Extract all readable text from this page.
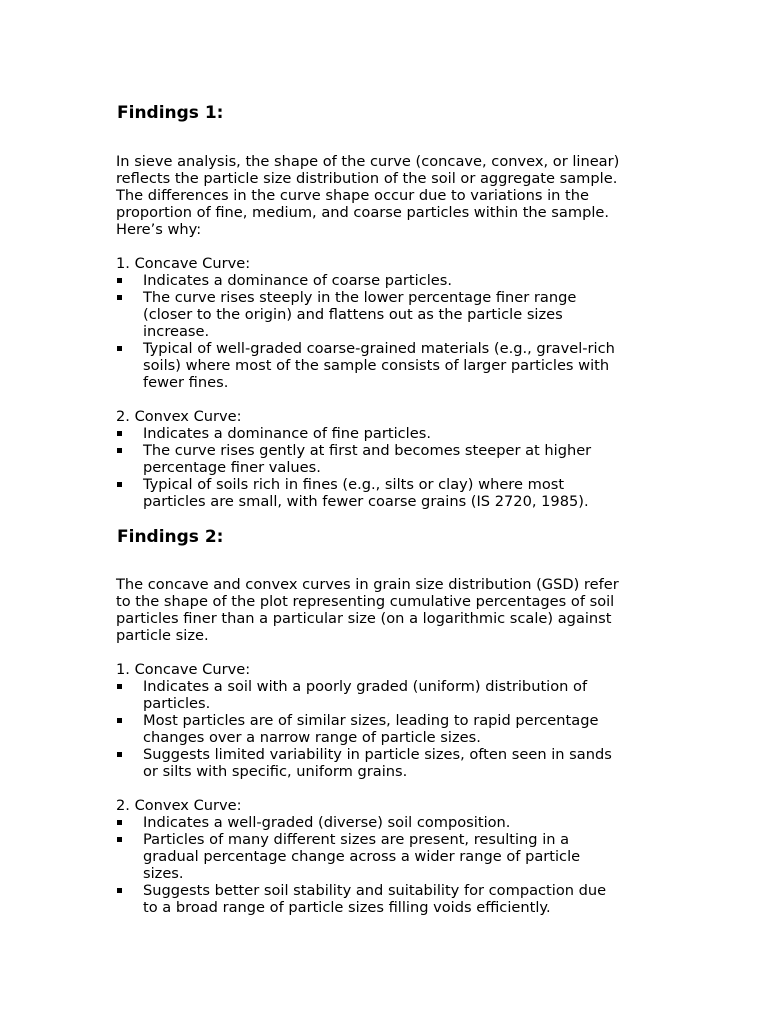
Findings 1:

In sieve analysis, the shape of the curve (concave, convex, or linear)
reflects the particle size distribution of the soil or aggregate sample.
The differences in the curve shape occur due to variations in the
proportion of fine, medium, and coarse particles within the sample.
Here’s why:

1. Concave Curve:
Indicates a dominance of coarse particles.
The curve rises steeply in the lower percentage finer range
(closer to the origin) and flattens out as the particle sizes
increase.
Typical of well-graded coarse-grained materials (e.g., gravel-rich
soils) where most of the sample consists of larger particles with
fewer fines.
2. Convex Curve:
Indicates a dominance of fine particles.
The curve rises gently at first and becomes steeper at higher
percentage finer values.
Typical of soils rich in fines (e.g., silts or clay) where most
particles are small, with fewer coarse grains (IS 2720, 1985).
Findings 2:

The concave and convex curves in grain size distribution (GSD) refer
to the shape of the plot representing cumulative percentages of soil
particles finer than a particular size (on a logarithmic scale) against
particle size.

1. Concave Curve:
Indicates a soil with a poorly graded (uniform) distribution of
particles.
Most particles are of similar sizes, leading to rapid percentage
changes over a narrow range of particle sizes.
Suggests limited variability in particle sizes, often seen in sands
or silts with specific, uniform grains.
2. Convex Curve:
Indicates a well-graded (diverse) soil composition.
Particles of many different sizes are present, resulting in a
gradual percentage change across a wider range of particle
sizes.
Suggests better soil stability and suitability for compaction due
to a broad range of particle sizes filling voids efficiently.
